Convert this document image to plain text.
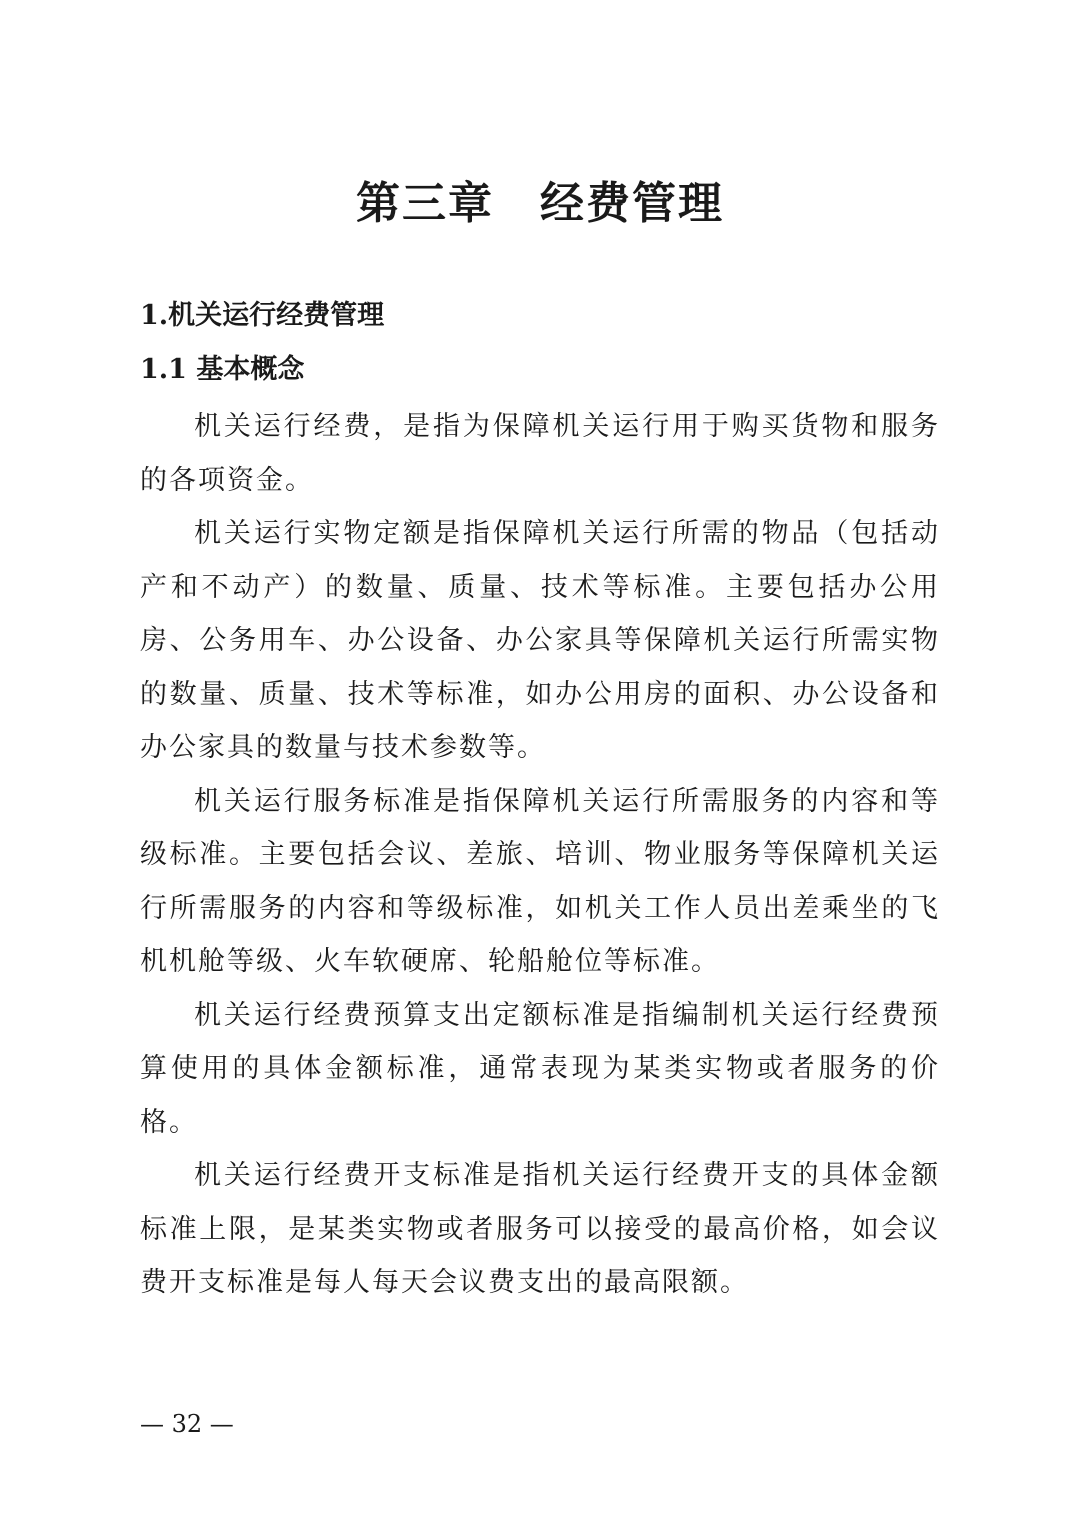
第三章　经费管理
1.机关运行经费管理
1.1 基本概念

机关运行经费，是指为保障机关运行用于购买货物和服务的各项资金。

机关运行实物定额是指保障机关运行所需的物品（包括动产和不动产）的数量、质量、技术等标准。主要包括办公用房、公务用车、办公设备、办公家具等保障机关运行所需实物的数量、质量、技术等标准，如办公用房的面积、办公设备和办公家具的数量与技术参数等。

机关运行服务标准是指保障机关运行所需服务的内容和等级标准。主要包括会议、差旅、培训、物业服务等保障机关运行所需服务的内容和等级标准，如机关工作人员出差乘坐的飞机机舱等级、火车软硬席、轮船舱位等标准。

机关运行经费预算支出定额标准是指编制机关运行经费预算使用的具体金额标准，通常表现为某类实物或者服务的价格。

机关运行经费开支标准是指机关运行经费开支的具体金额标准上限，是某类实物或者服务可以接受的最高价格，如会议费开支标准是每人每天会议费支出的最高限额。

— 32 —
